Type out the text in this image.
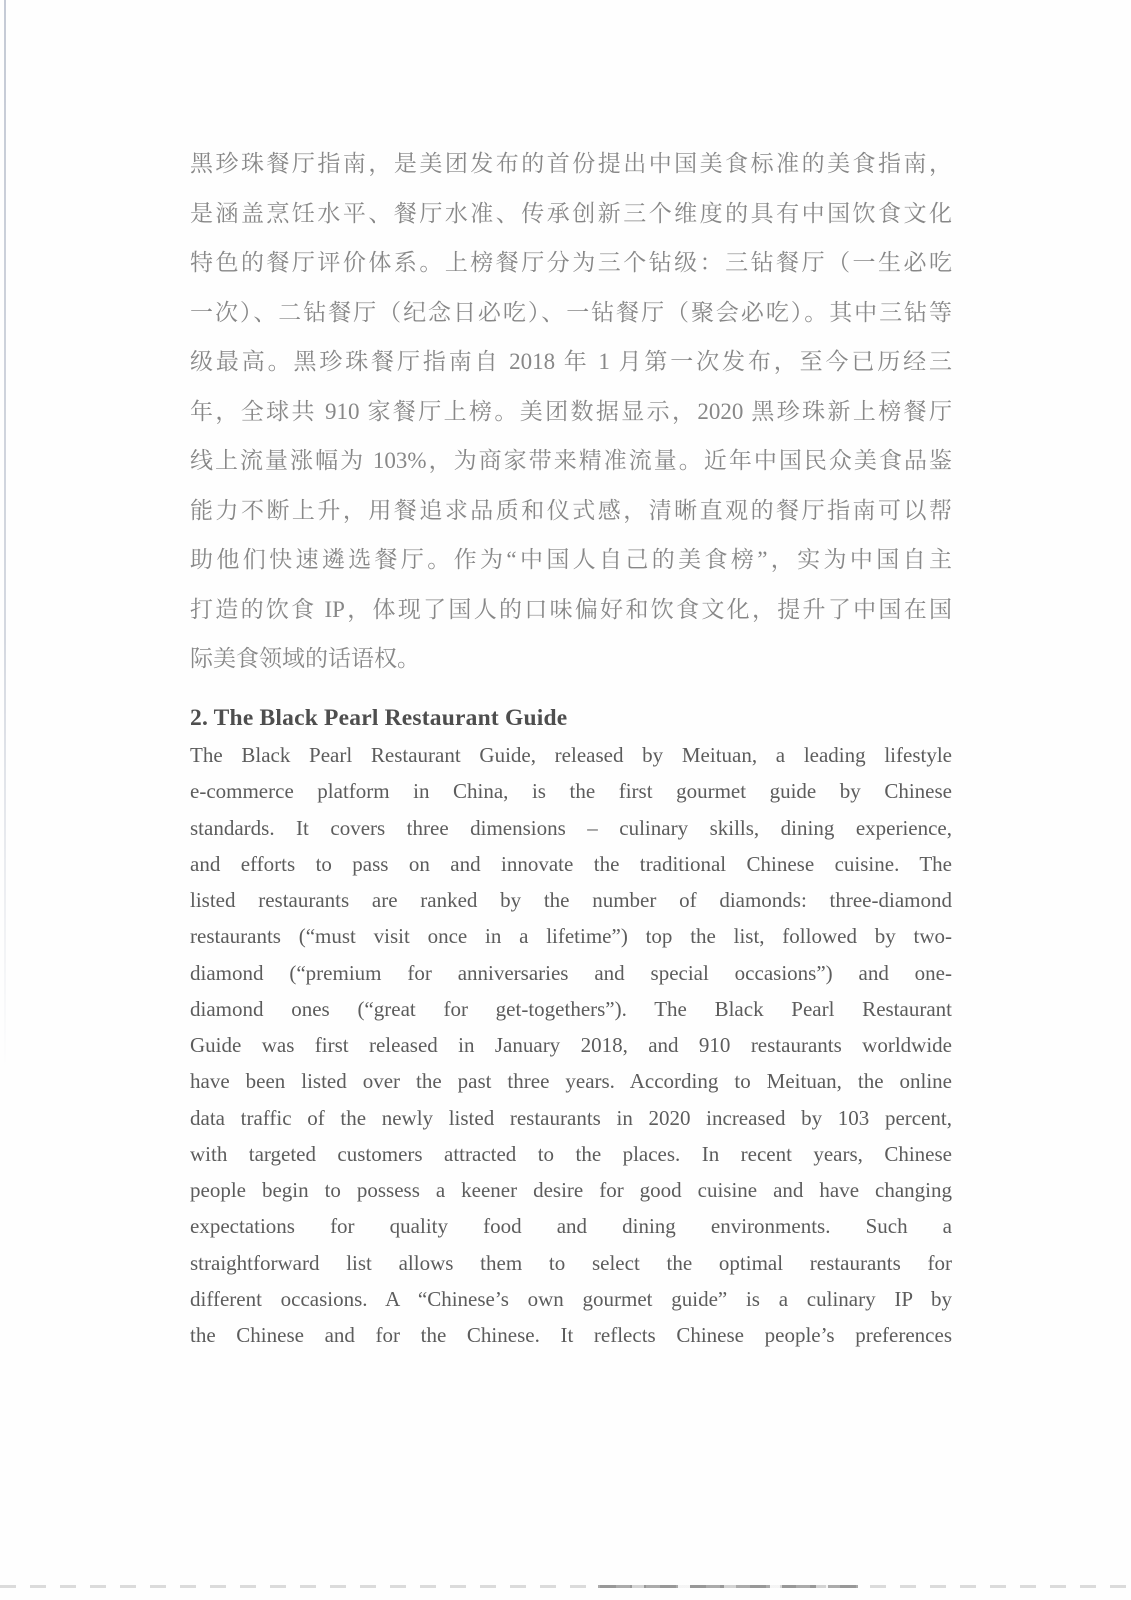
黑珍珠餐厅指南，是美团发布的首份提出中国美食标准的美食指南，
是涵盖烹饪水平、餐厅水准、传承创新三个维度的具有中国饮食文化
特色的餐厅评价体系。上榜餐厅分为三个钻级：三钻餐厅（一生必吃
一次）、二钻餐厅（纪念日必吃）、一钻餐厅（聚会必吃）。其中三钻等
级最高。黑珍珠餐厅指南自 2018 年 1 月第一次发布，至今已历经三
年，全球共 910 家餐厅上榜。美团数据显示，2020 黑珍珠新上榜餐厅
线上流量涨幅为 103%，为商家带来精准流量。近年中国民众美食品鉴
能力不断上升，用餐追求品质和仪式感，清晰直观的餐厅指南可以帮
助他们快速遴选餐厅。作为“中国人自己的美食榜”，实为中国自主
打造的饮食 IP，体现了国人的口味偏好和饮食文化，提升了中国在国
际美食领域的话语权。
2. The Black Pearl Restaurant Guide
The Black Pearl Restaurant Guide, released by Meituan, a leading lifestyle
e-commerce platform in China, is the first gourmet guide by Chinese
standards. It covers three dimensions – culinary skills, dining experience,
and efforts to pass on and innovate the traditional Chinese cuisine. The
listed restaurants are ranked by the number of diamonds: three-diamond
restaurants (“must visit once in a lifetime”) top the list, followed by two-
diamond (“premium for anniversaries and special occasions”) and one-
diamond ones (“great for get-togethers”). The Black Pearl Restaurant
Guide was first released in January 2018, and 910 restaurants worldwide
have been listed over the past three years. According to Meituan, the online
data traffic of the newly listed restaurants in 2020 increased by 103 percent,
with targeted customers attracted to the places. In recent years, Chinese
people begin to possess a keener desire for good cuisine and have changing
expectations for quality food and dining environments. Such a
straightforward list allows them to select the optimal restaurants for
different occasions. A “Chinese’s own gourmet guide” is a culinary IP by
the Chinese and for the Chinese. It reflects Chinese people’s preferences
